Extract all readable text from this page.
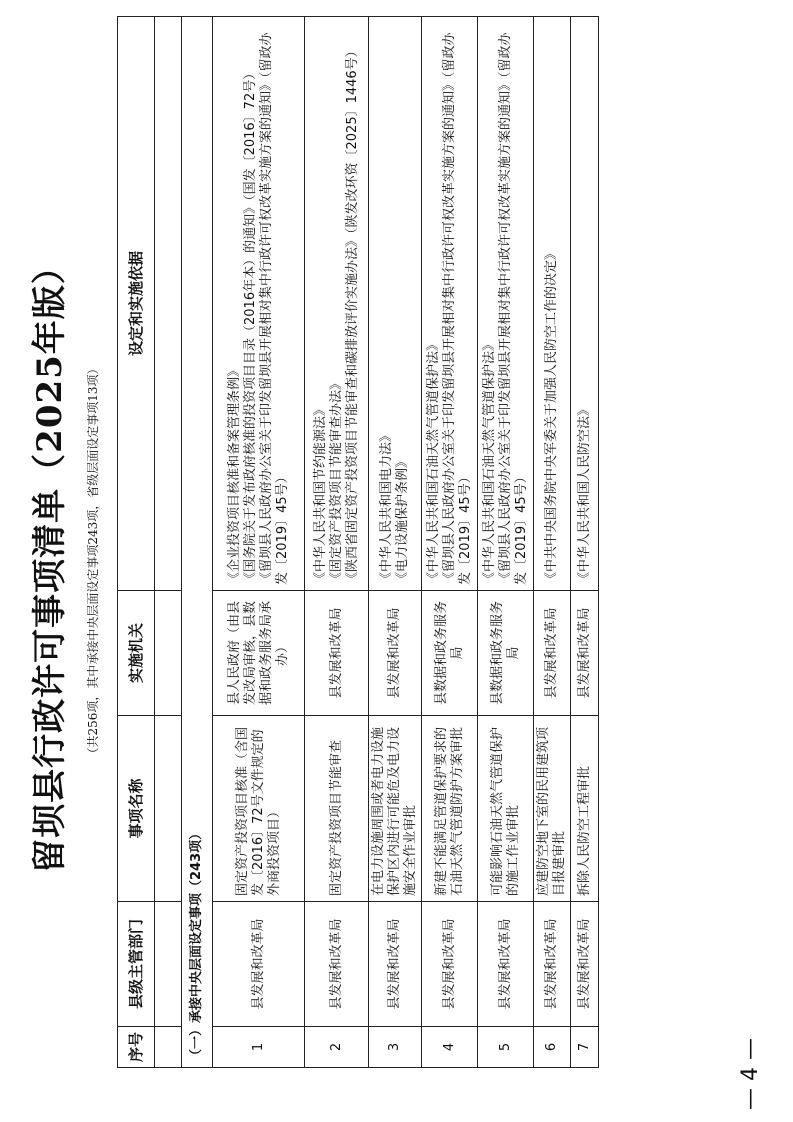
留坝县行政许可事项清单（2025年版） （共256项，其中承接中央层面设定事项243项，省级层面设定事项13项）
序号	县级主管部门	事项名称	实施机关	设定和实施依据

（一）承接中央层面设定事项（243项）				
1	县发展和改革局	固定资产投资项目核准（含国发〔2016〕72号文件规定的外商投资项目）	县人民政府（由县发改局审核，县数据和政务服务局承办）	《企业投资项目核准和备案管理条例》 《国务院关于发布政府核准的投资项目目录（2016年本）的通知》（国发〔2016〕72号） 《留坝县人民政府办公室关于印发留坝县开展相对集中行政许可权改革实施方案的通知》（留政办发〔2019〕45号）

2	县发展和改革局	固定资产投资项目节能审查	县发展和改革局	《中华人民共和国节约能源法》 《固定资产投资项目节能审查办法》 《陕西省固定资产投资项目节能审查和碳排放评价实施办法》（陕发改环资〔2025〕1446号）

3	县发展和改革局	在电力设施周围或者电力设施保护区内进行可能危及电力设施安全作业审批	县发展和改革局	《中华人民共和国电力法》 《电力设施保护条例》

4	县发展和改革局	新建不能满足管道保护要求的石油天然气管道防护方案审批	县数据和政务服务局	《中华人民共和国石油天然气管道保护法》 《留坝县人民政府办公室关于印发留坝县开展相对集中行政许可权改革实施方案的通知》（留政办发〔2019〕45号）

5	县发展和改革局	可能影响石油天然气管道保护的施工作业审批	县数据和政务服务局	《中华人民共和国石油天然气管道保护法》 《留坝县人民政府办公室关于印发留坝县开展相对集中行政许可权改革实施方案的通知》（留政办发〔2019〕45号）

6	县发展和改革局	应建防空地下室的民用建筑项目报建审批	县发展和改革局	《中共中央国务院中央军委关于加强人民防空工作的决定》

7	县发展和改革局	拆除人民防空工程审批	县发展和改革局	《中华人民共和国人民防空法》
— 4 —
